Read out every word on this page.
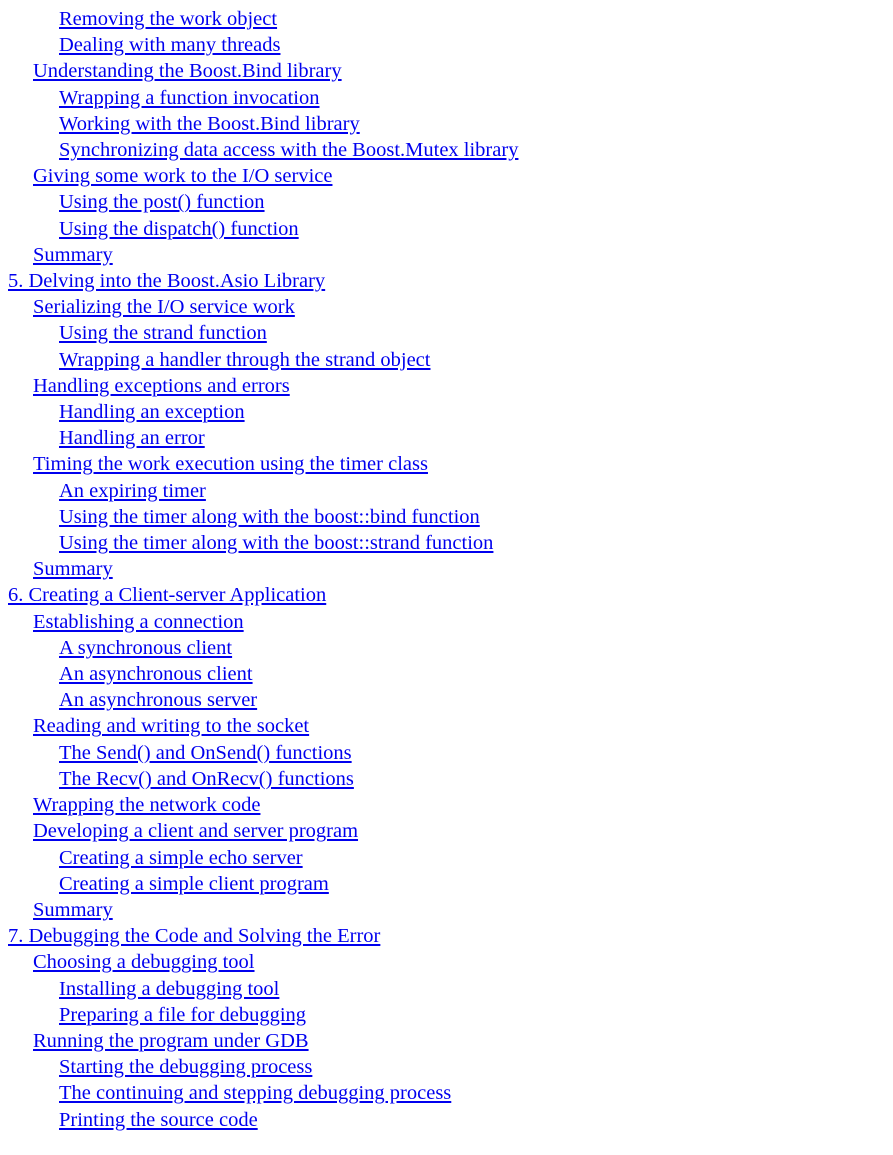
Removing the work object
Dealing with many threads
Understanding the Boost.Bind library
Wrapping a function invocation
Working with the Boost.Bind library
Synchronizing data access with the Boost.Mutex library
Giving some work to the I/O service
Using the post() function
Using the dispatch() function
Summary
5. Delving into the Boost.Asio Library
Serializing the I/O service work
Using the strand function
Wrapping a handler through the strand object
Handling exceptions and errors
Handling an exception
Handling an error
Timing the work execution using the timer class
An expiring timer
Using the timer along with the boost::bind function
Using the timer along with the boost::strand function
Summary
6. Creating a Client-server Application
Establishing a connection
A synchronous client
An asynchronous client
An asynchronous server
Reading and writing to the socket
The Send() and OnSend() functions
The Recv() and OnRecv() functions
Wrapping the network code
Developing a client and server program
Creating a simple echo server
Creating a simple client program
Summary
7. Debugging the Code and Solving the Error
Choosing a debugging tool
Installing a debugging tool
Preparing a file for debugging
Running the program under GDB
Starting the debugging process
The continuing and stepping debugging process
Printing the source code
